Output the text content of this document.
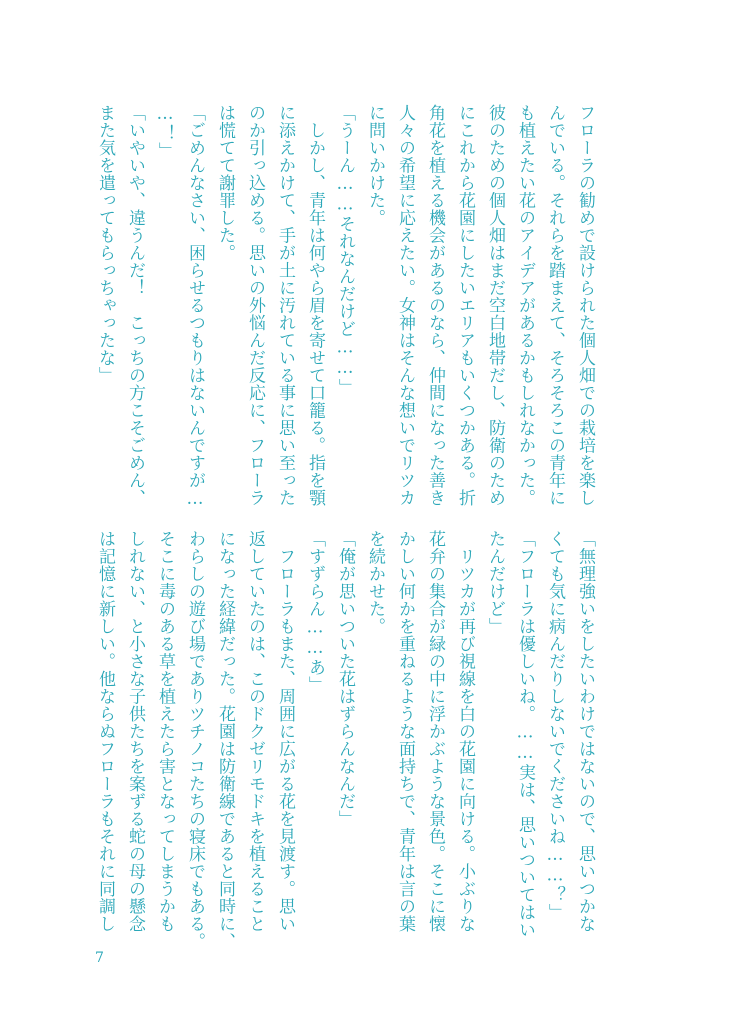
フローラの勧めで設けられた個人畑での栽培を楽し
んでいる。それらを踏まえて、そろそろこの青年に
も植えたい花のアイデアがあるかもしれなかった。
彼のための個人畑はまだ空白地帯だし、防衛のため
にこれから花園にしたいエリアもいくつかある。折
角花を植える機会があるのなら、仲間になった善き
人々の希望に応えたい。女神はそんな想いでリツカ
に問いかけた。
「うーん……それなんだけど……」
　しかし、青年は何やら眉を寄せて口籠る。指を顎
に添えかけて、手が土に汚れている事に思い至った
のか引っ込める。思いの外悩んだ反応に、フローラ
は慌てて謝罪した。
「ごめんなさい、困らせるつもりはないんですが…
…！」
「いやいや、違うんだ！　こっちの方こそごめん、
また気を遣ってもらっちゃったな」
「無理強いをしたいわけではないので、思いつかな
くても気に病んだりしないでくださいね……？」
「フローラは優しいね。……実は、思いついてはい
たんだけど」
　リツカが再び視線を白の花園に向ける。小ぶりな
花弁の集合が緑の中に浮かぶような景色。そこに懐
かしい何かを重ねるような面持ちで、青年は言の葉
を続かせた。
「俺が思いついた花はずらんなんだ」
「すずらん……あ」
　フローラもまた、周囲に広がる花を見渡す。思い
返していたのは、このドクゼリモドキを植えること
になった経緯だった。花園は防衛線であると同時に、
わらしの遊び場でありツチノコたちの寝床でもある。
そこに毒のある草を植えたら害となってしまうかも
しれない、と小さな子供たちを案ずる蛇の母の懸念
は記憶に新しい。他ならぬフローラもそれに同調し
7
